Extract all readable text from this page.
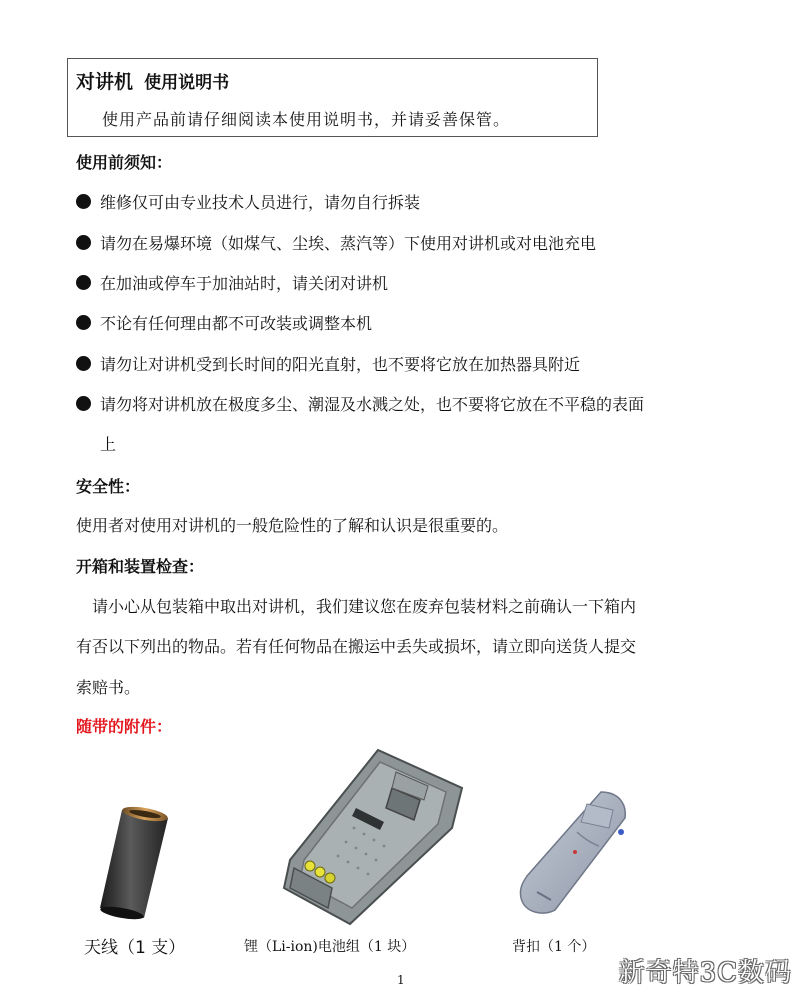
对讲机 使用说明书
使用产品前请仔细阅读本使用说明书，并请妥善保管。
使用前须知：
维修仅可由专业技术人员进行，请勿自行拆装
请勿在易爆环境（如煤气、尘埃、蒸汽等）下使用对讲机或对电池充电
在加油或停车于加油站时，请关闭对讲机
不论有任何理由都不可改装或调整本机
请勿让对讲机受到长时间的阳光直射，也不要将它放在加热器具附近
请勿将对讲机放在极度多尘、潮湿及水溅之处，也不要将它放在不平稳的表面
上
安全性：
使用者对使用对讲机的一般危险性的了解和认识是很重要的。
开箱和装置检查：
请小心从包装箱中取出对讲机，我们建议您在废弃包装材料之前确认一下箱内
有否以下列出的物品。若有任何物品在搬运中丢失或损坏，请立即向送货人提交
索赔书。
随带的附件：
天线（1 支）	锂（Li-ion)电池组（1 块）	背扣（1 个）
1	新奇特3C数码
